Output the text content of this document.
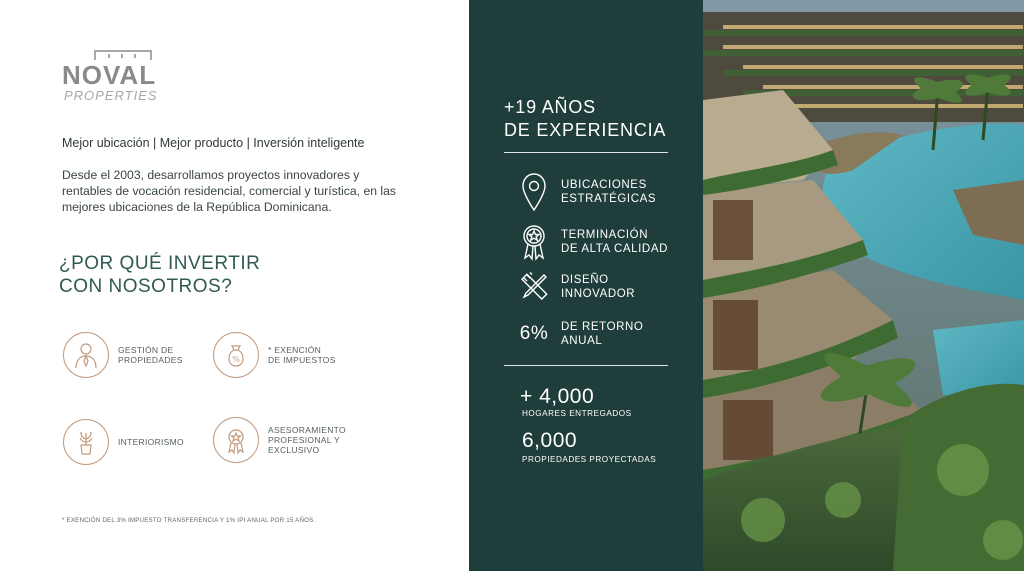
NOVAL
PROPERTIES
Mejor ubicación | Mejor producto | Inversión inteligente
Desde el 2003, desarrollamos proyectos innovadores y rentables de vocación residencial, comercial y turística, en las mejores ubicaciones de la República Dominicana.
¿POR QUÉ INVERTIR
CON NOSOTROS?
GESTIÓN DE
PROPIEDADES	%
* EXENCIÓN
DE IMPUESTOS
INTERIORISMO
ASESORAMIENTO
PROFESIONAL Y
EXCLUSIVO
* EXENCIÓN DEL 3% IMPUESTO TRANSFERENCIA Y 1% IPI ANUAL POR 15 AÑOS.
+19 AÑOS
DE EXPERIENCIA
UBICACIONES
ESTRATÉGICAS
TERMINACIÓN
DE ALTA CALIDAD
DISEÑO
INNOVADOR
6% DE RETORNO
ANUAL
+ 4,000
HOGARES ENTREGADOS
6,000
PROPIEDADES PROYECTADAS
